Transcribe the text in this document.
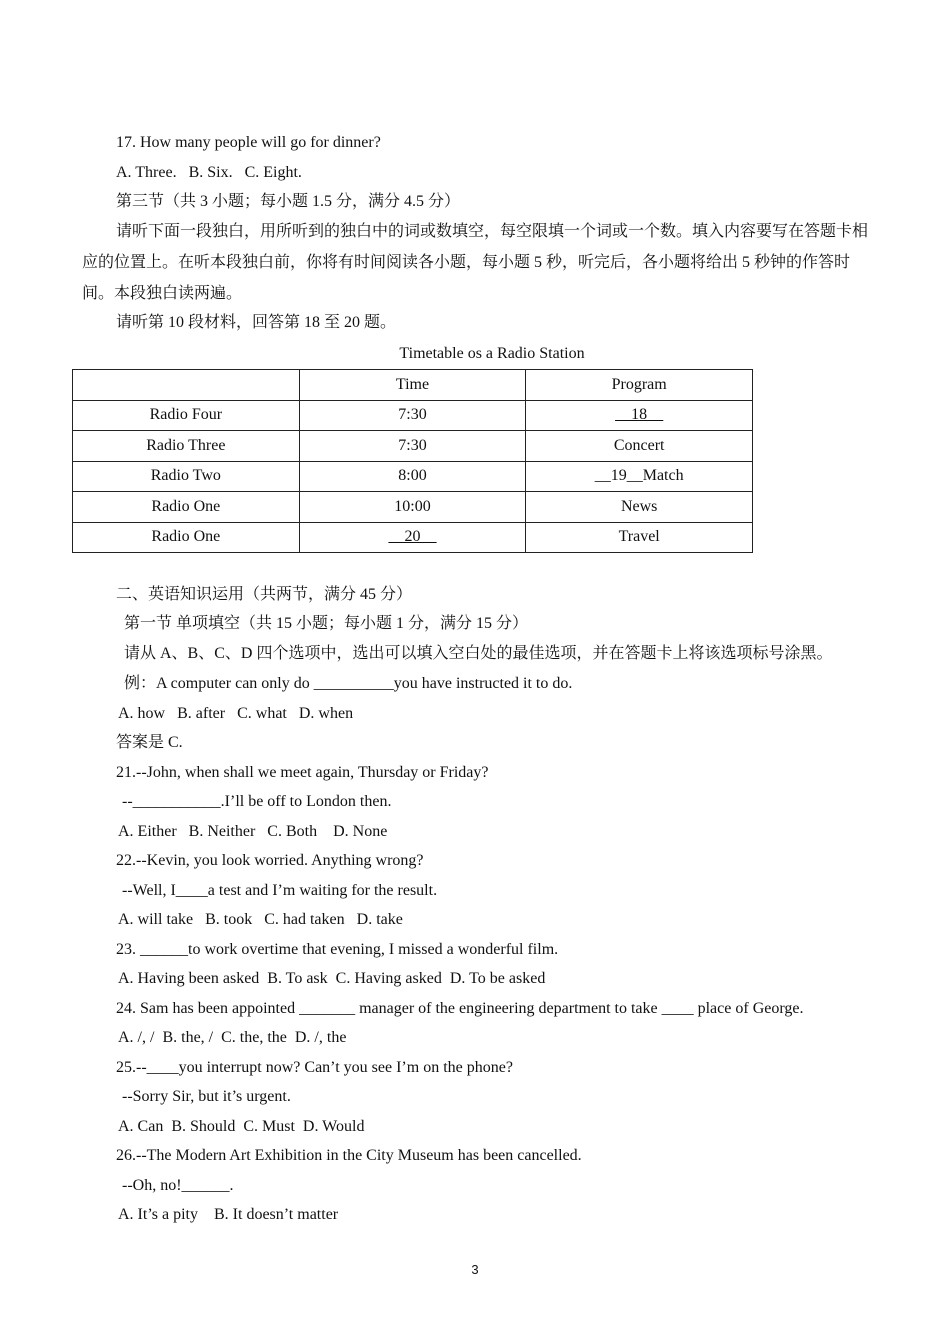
17. How many people will go for dinner?
A. Three.   B. Six.   C. Eight.
第三节（共 3 小题；每小题 1.5 分，满分 4.5 分）
请听下面一段独白，用所听到的独白中的词或数填空，每空限填一个词或一个数。填入内容要写在答题卡相应的位置上。在听本段独白前，你将有时间阅读各小题，每小题 5 秒，听完后，各小题将给出 5 秒钟的作答时间。本段独白读两遍。
请听第 10 段材料，回答第 18 至 20 题。
Timetable os a Radio Station
	Time	Program
Radio Four	7:30	__18__
Radio Three	7:30	Concert
Radio Two	8:00	__19__Match
Radio One	10:00	News
Radio One	__20__	Travel
二、英语知识运用（共两节，满分 45 分）
第一节 单项填空（共 15 小题；每小题 1 分，满分 15 分）
请从 A、B、C、D 四个选项中，选出可以填入空白处的最佳选项，并在答题卡上将该选项标号涂黑。
例：A computer can only do __________you have instructed it to do.
A. how   B. after   C. what   D. when
答案是 C.
21.--John, when shall we meet again, Thursday or Friday?
--___________.I’ll be off to London then.
A. Either   B. Neither   C. Both    D. None
22.--Kevin, you look worried. Anything wrong?
--Well, I____a test and I’m waiting for the result.
A. will take   B. took   C. had taken   D. take
23. ______to work overtime that evening, I missed a wonderful film.
A. Having been asked  B. To ask  C. Having asked  D. To be asked
24. Sam has been appointed _______ manager of the engineering department to take ____ place of George.
A. /, /  B. the, /  C. the, the  D. /, the
25.--____you interrupt now? Can’t you see I’m on the phone?
--Sorry Sir, but it’s urgent.
A. Can  B. Should  C. Must  D. Would
26.--The Modern Art Exhibition in the City Museum has been cancelled.
--Oh, no!______.
A. It’s a pity    B. It doesn’t matter
3
